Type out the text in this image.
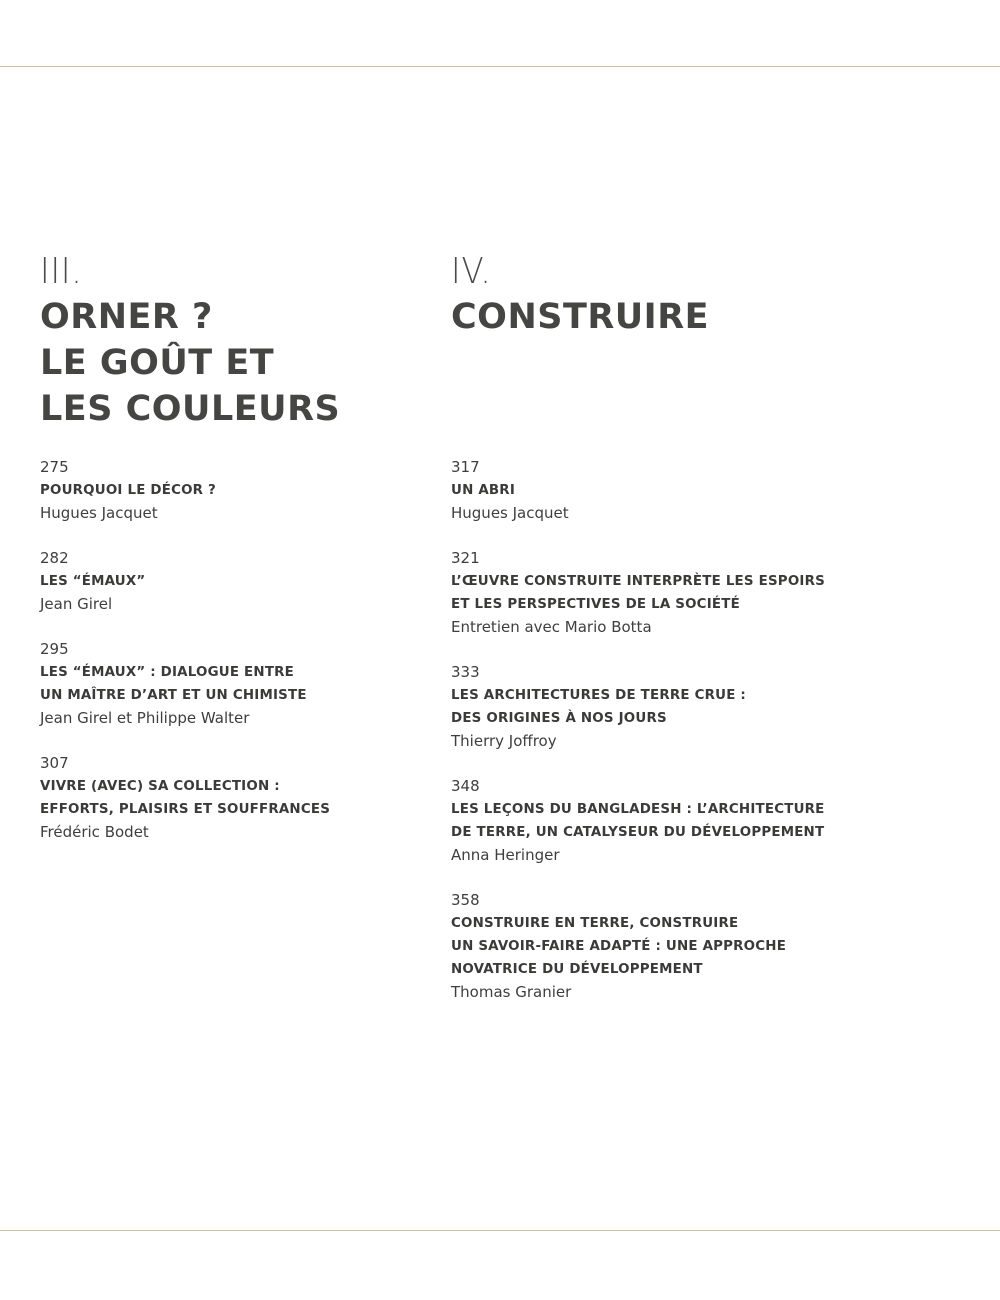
III.
ORNER ?
LE GOÛT ET
LES COULEURS
275
POURQUOI LE DÉCOR ?
Hugues Jacquet
282
LES “ÉMAUX”
Jean Girel
295
LES “ÉMAUX” : DIALOGUE ENTRE
UN MAÎTRE D’ART ET UN CHIMISTE
Jean Girel et Philippe Walter
307
VIVRE (AVEC) SA COLLECTION :
EFFORTS, PLAISIRS ET SOUFFRANCES
Frédéric Bodet
IV.
CONSTRUIRE
317
UN ABRI
Hugues Jacquet
321
L’ŒUVRE CONSTRUITE INTERPRÈTE LES ESPOIRS
ET LES PERSPECTIVES DE LA SOCIÉTÉ
Entretien avec Mario Botta
333
LES ARCHITECTURES DE TERRE CRUE :
DES ORIGINES À NOS JOURS
Thierry Joffroy
348
LES LEÇONS DU BANGLADESH : L’ARCHITECTURE
DE TERRE, UN CATALYSEUR DU DÉVELOPPEMENT
Anna Heringer
358
CONSTRUIRE EN TERRE, CONSTRUIRE
UN SAVOIR-FAIRE ADAPTÉ : UNE APPROCHE
NOVATRICE DU DÉVELOPPEMENT
Thomas Granier
